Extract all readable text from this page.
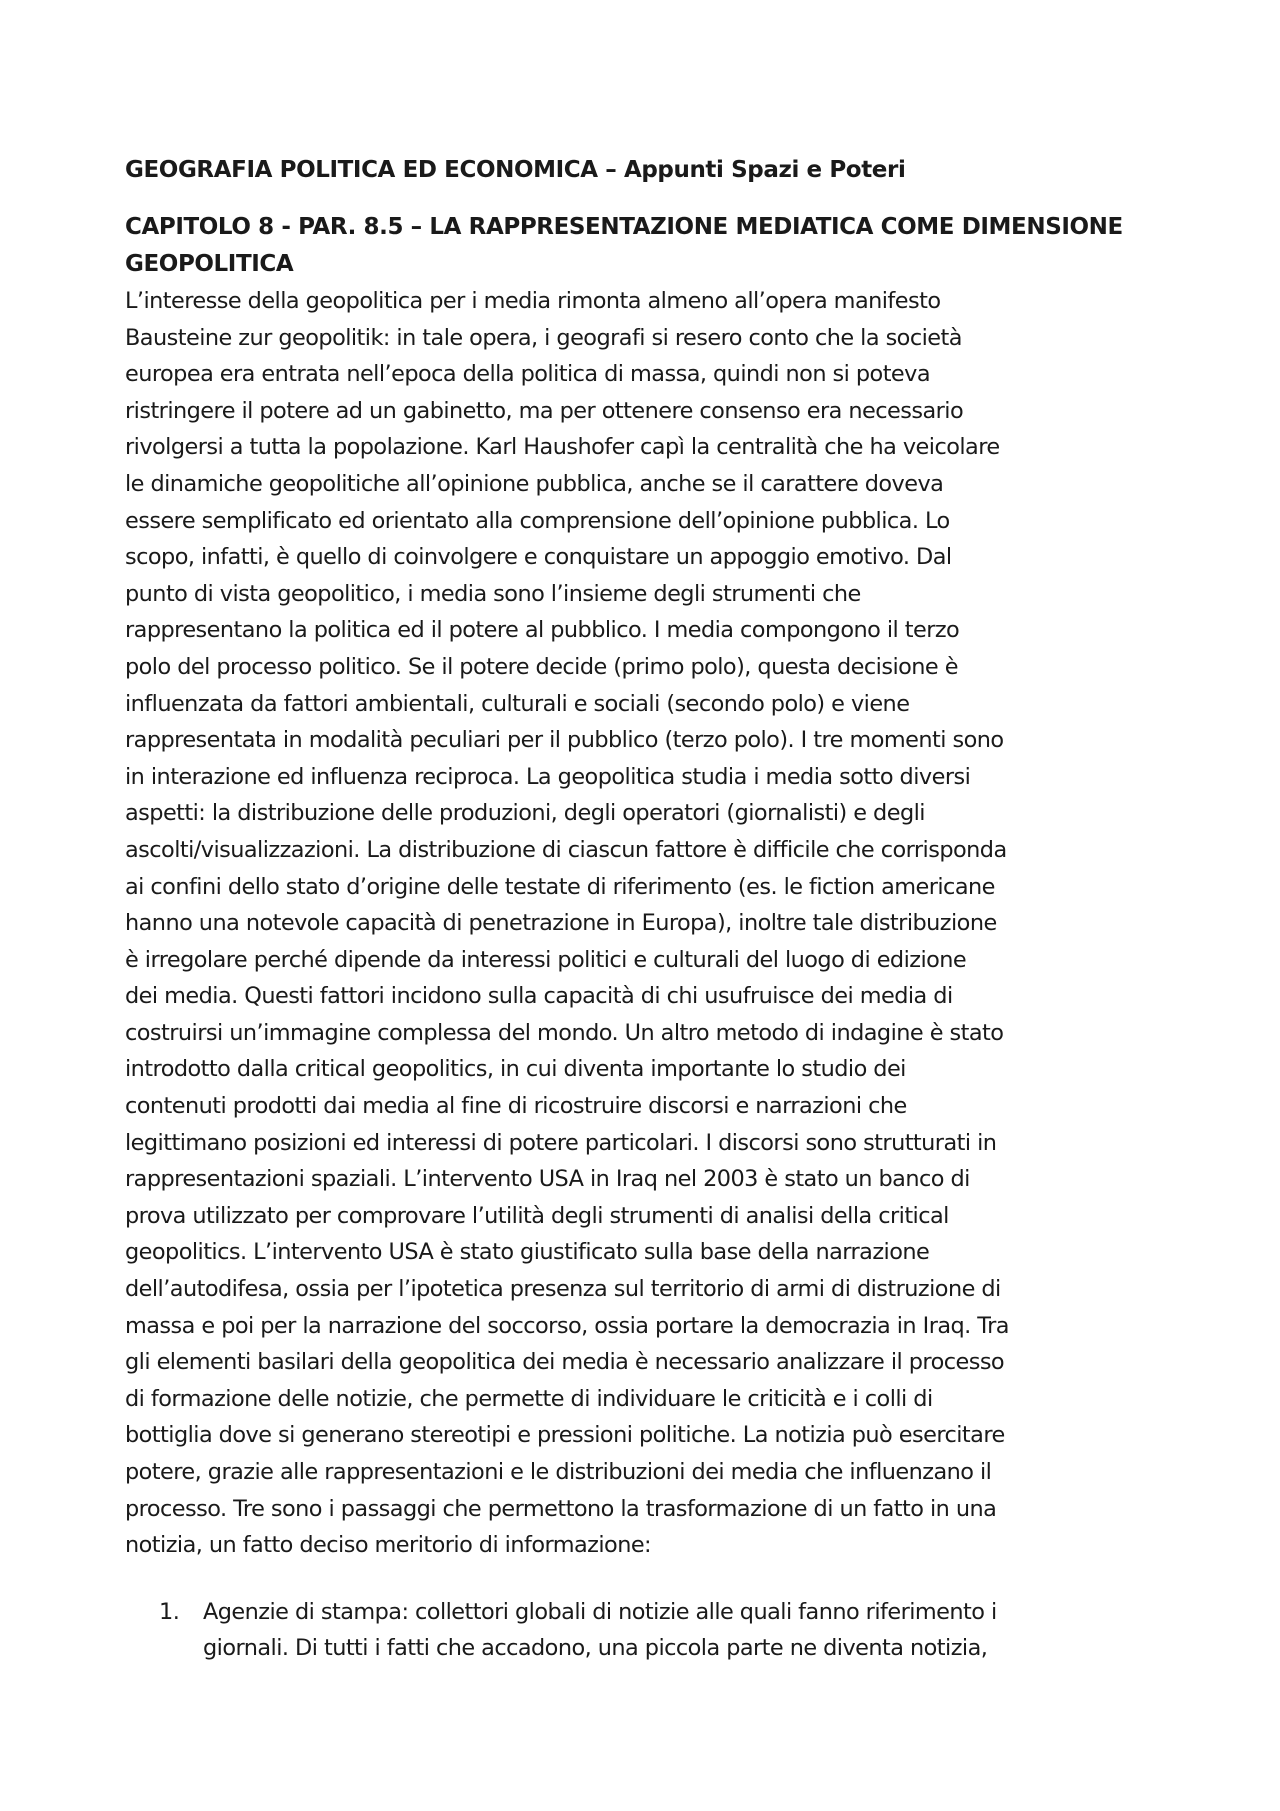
GEOGRAFIA POLITICA ED ECONOMICA – Appunti Spazi e Poteri
CAPITOLO 8 - PAR. 8.5 – LA RAPPRESENTAZIONE MEDIATICA COME DIMENSIONE
GEOPOLITICA
L’interesse della geopolitica per i media rimonta almeno all’opera manifesto
Bausteine zur geopolitik: in tale opera, i geografi si resero conto che la società
europea era entrata nell’epoca della politica di massa, quindi non si poteva
ristringere il potere ad un gabinetto, ma per ottenere consenso era necessario
rivolgersi a tutta la popolazione. Karl Haushofer capì la centralità che ha veicolare
le dinamiche geopolitiche all’opinione pubblica, anche se il carattere doveva
essere semplificato ed orientato alla comprensione dell’opinione pubblica. Lo
scopo, infatti, è quello di coinvolgere e conquistare un appoggio emotivo. Dal
punto di vista geopolitico, i media sono l’insieme degli strumenti che
rappresentano la politica ed il potere al pubblico. I media compongono il terzo
polo del processo politico. Se il potere decide (primo polo), questa decisione è
influenzata da fattori ambientali, culturali e sociali (secondo polo) e viene
rappresentata in modalità peculiari per il pubblico (terzo polo). I tre momenti sono
in interazione ed influenza reciproca. La geopolitica studia i media sotto diversi
aspetti: la distribuzione delle produzioni, degli operatori (giornalisti) e degli
ascolti/visualizzazioni. La distribuzione di ciascun fattore è difficile che corrisponda
ai confini dello stato d’origine delle testate di riferimento (es. le fiction americane
hanno una notevole capacità di penetrazione in Europa), inoltre tale distribuzione
è irregolare perché dipende da interessi politici e culturali del luogo di edizione
dei media. Questi fattori incidono sulla capacità di chi usufruisce dei media di
costruirsi un’immagine complessa del mondo. Un altro metodo di indagine è stato
introdotto dalla critical geopolitics, in cui diventa importante lo studio dei
contenuti prodotti dai media al fine di ricostruire discorsi e narrazioni che
legittimano posizioni ed interessi di potere particolari. I discorsi sono strutturati in
rappresentazioni spaziali. L’intervento USA in Iraq nel 2003 è stato un banco di
prova utilizzato per comprovare l’utilità degli strumenti di analisi della critical
geopolitics. L’intervento USA è stato giustificato sulla base della narrazione
dell’autodifesa, ossia per l’ipotetica presenza sul territorio di armi di distruzione di
massa e poi per la narrazione del soccorso, ossia portare la democrazia in Iraq. Tra
gli elementi basilari della geopolitica dei media è necessario analizzare il processo
di formazione delle notizie, che permette di individuare le criticità e i colli di
bottiglia dove si generano stereotipi e pressioni politiche. La notizia può esercitare
potere, grazie alle rappresentazioni e le distribuzioni dei media che influenzano il
processo. Tre sono i passaggi che permettono la trasformazione di un fatto in una
notizia, un fatto deciso meritorio di informazione:
1. Agenzie di stampa: collettori globali di notizie alle quali fanno riferimento i
giornali. Di tutti i fatti che accadono, una piccola parte ne diventa notizia,
